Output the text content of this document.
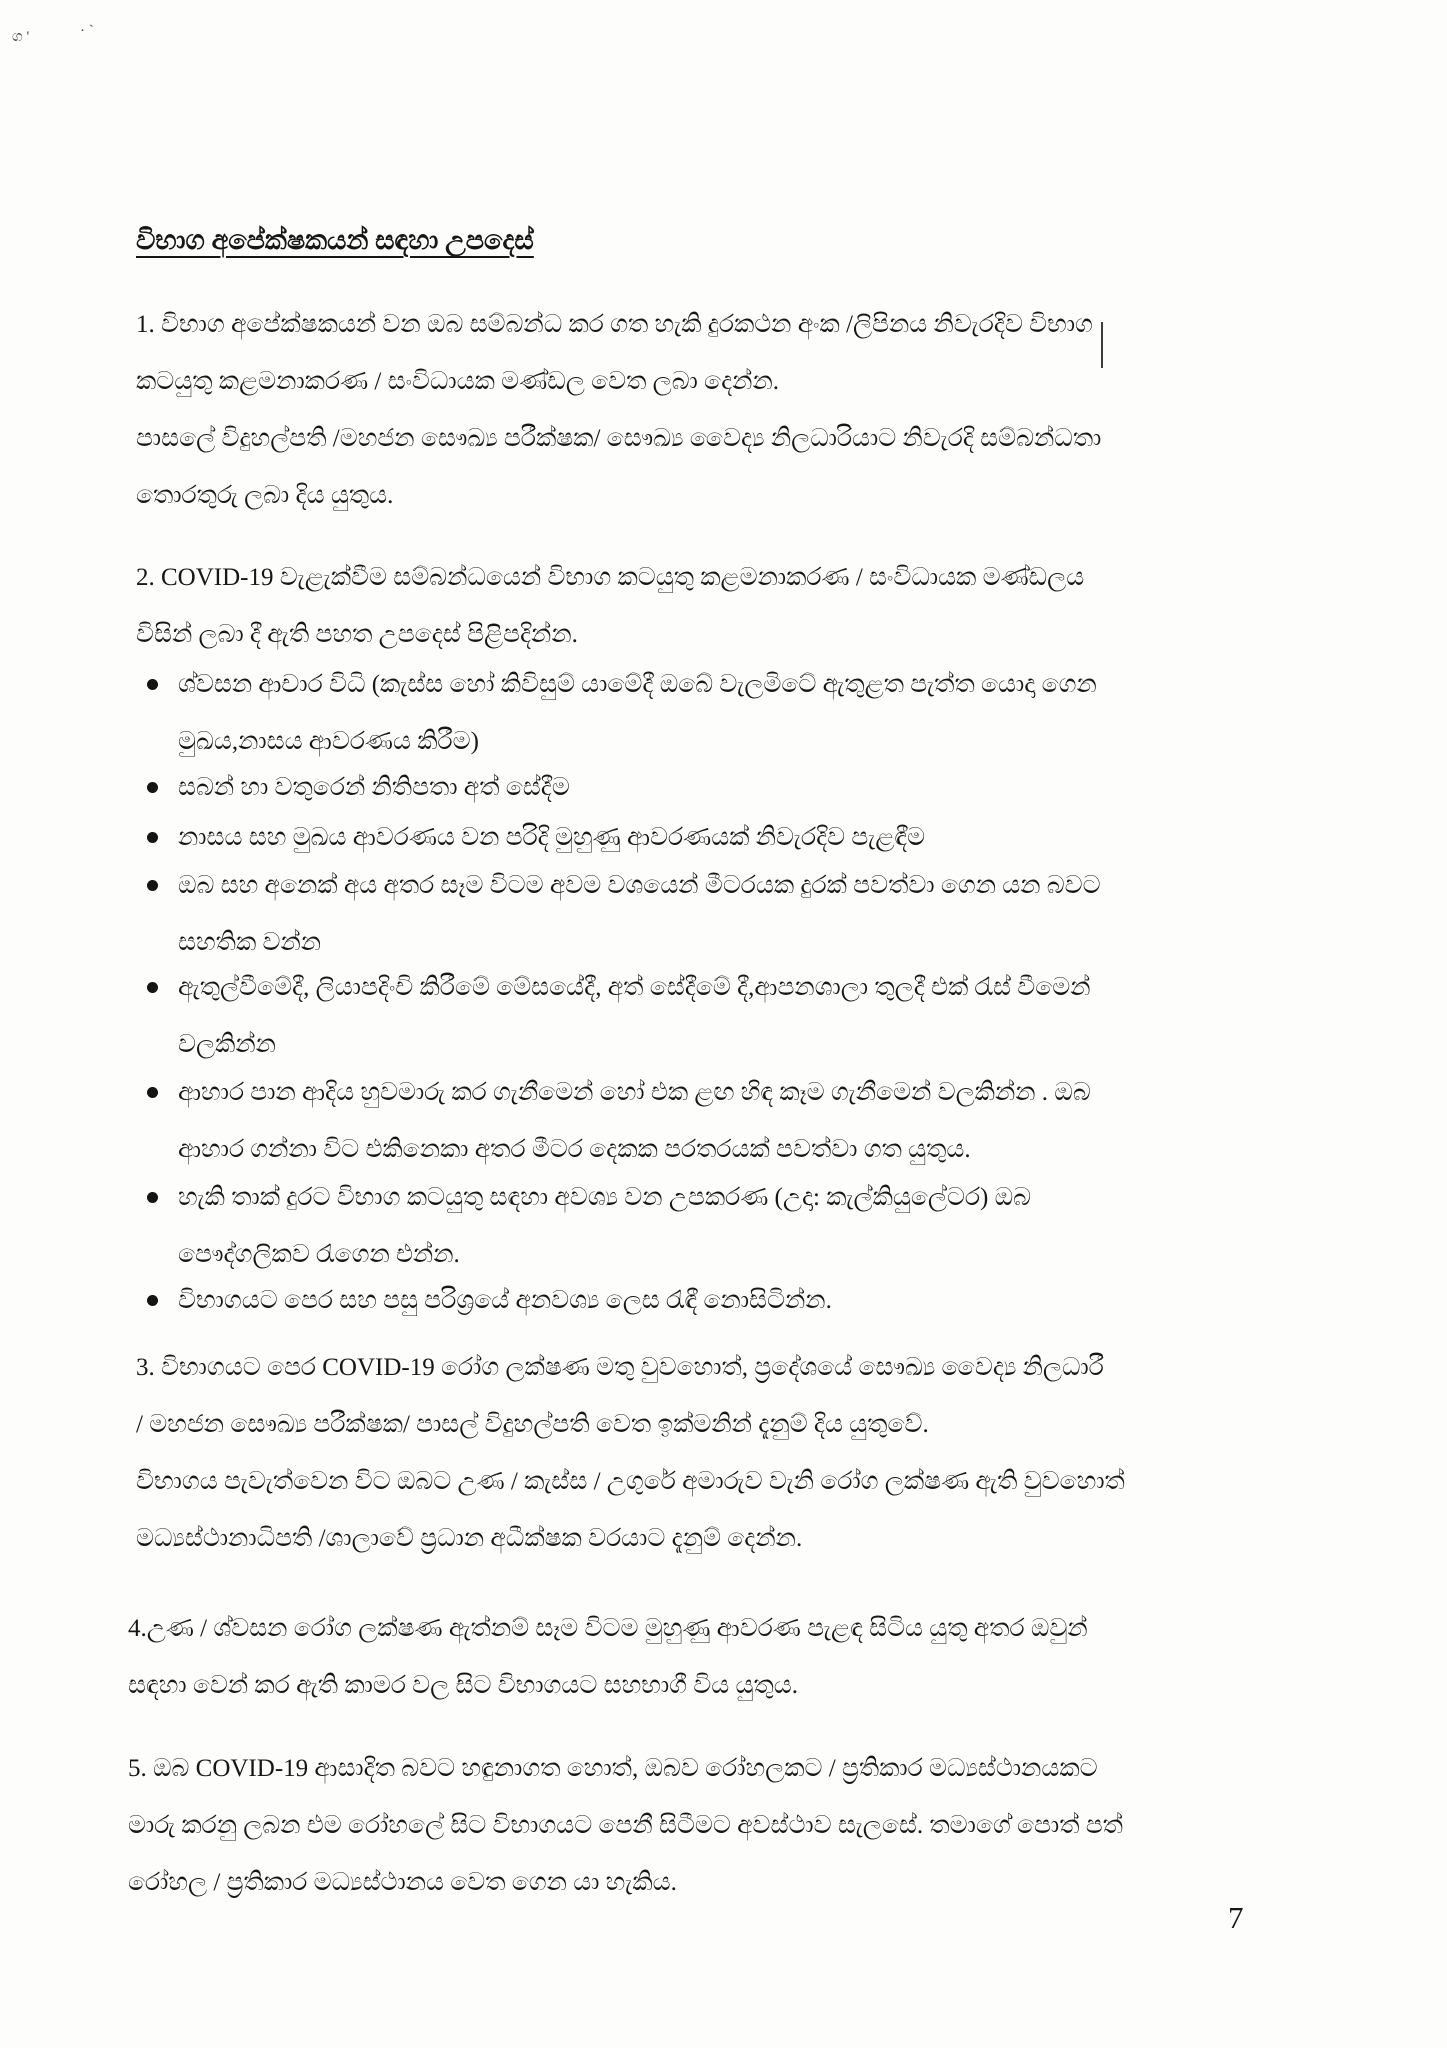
ග '	· `
විභාග අපේක්ෂකයන් සඳහා උපදෙස්
1. විභාග අපේක්ෂකයන් වන ඔබ සම්බන්ධ කර ගත හැකි දුරකථන අංක /ලිපිනය නිවැරදිව විභාග
කටයුතු කළමනාකරණ / සංවිධායක මණ්ඩල වෙත ලබා දෙන්න.
පාසලේ විදුහල්පති /මහජන සෞඛ්‍ය පරීක්ෂක/ සෞඛ්‍ය වෛද්‍ය නිලධාරියාට නිවැරදි සම්බන්ධතා
තොරතුරු ලබා දිය යුතුය.
2. COVID-19 වැළැක්වීම සම්බන්ධයෙන් විභාග කටයුතු කළමනාකරණ / සංවිධායක මණ්ඩලය
විසින් ලබා දී ඇති පහත උපදෙස් පිළිපදින්න.
ශ්වසන ආචාර විධි (කැස්ස හෝ කිවිසුම් යාමේදී ඔබේ වැලමිටේ ඇතුළත පැත්ත යොදා ගෙන
මුඛය,නාසය ආවරණය කිරීම)
සබන් හා වතුරෙන් නිතිපතා අත් සේදීම
නාසය සහ මුඛය ආවරණය වන පරිදි මුහුණු ආවරණයක් නිවැරදිව පැළඳීම
ඔබ සහ අනෙක් අය අතර සෑම විටම අවම වශයෙන් මීටරයක දුරක් පවත්වා ගෙන යන බවට
සහතික වන්න
ඇතුල්වීමේදී, ලියාපදිංචි කිරීමේ මේසයේදී, අත් සේදීමේ දී,ආපනශාලා තුලදී එක් රැස් වීමෙන්
වලකින්න
ආහාර පාන ආදිය හුවමාරු කර ගැනීමෙන් හෝ එක ළඟ හිඳ කෑම ගැනීමෙන් වලකින්න . ඔබ
ආහාර ගන්නා විට එකිනෙකා අතර මීටර දෙකක පරතරයක් පවත්වා ගත යුතුය.
හැකි තාක් දුරට විභාග කටයුතු සඳහා අවශ්‍ය වන උපකරණ (උදා: කැල්කියුලේටර) ඔබ
පෞද්ගලිකව රැගෙන එන්න.
විභාගයට පෙර සහ පසු පරිශ්‍රයේ අනවශ්‍ය ලෙස රැඳී නොසිටින්න.
3. විභාගයට පෙර COVID-19 රෝග ලක්ෂණ මතු වුවහොත්, ප්‍රදේශයේ සෞඛ්‍ය වෛද්‍ය නිලධාරී
/ මහජන සෞඛ්‍ය පරීක්ෂක/ පාසල් විදුහල්පති වෙත ඉක්මනින් දැනුම් දිය යුතුවේ.
විභාගය පැවැත්වෙන විට ඔබට උණ / කැස්ස / උගුරේ අමාරුව වැනි රෝග ලක්ෂණ ඇති වුවහොත්
මධ්‍යස්ථානාධිපති /ශාලාවේ ප්‍රධාන අධීක්ෂක වරයාට දැනුම් දෙන්න.
4.උණ / ශ්වසන රෝග ලක්ෂණ ඇත්නම් සෑම විටම මුහුණු ආවරණ පැළඳ සිටිය යුතු අතර ඔවුන්
සඳහා වෙන් කර ඇති කාමර වල සිට විභාගයට සහභාගී විය යුතුය.
5. ඔබ COVID-19 ආසාදිත බවට හඳුනාගත හොත්, ඔබව රෝහලකට / ප්‍රතිකාර මධ්‍යස්ථානයකට
මාරු කරනු ලබන එම රෝහලේ සිට විභාගයට පෙනී සිටීමට අවස්ථාව සැලසේ. තමාගේ පොත් පත්
රෝහල / ප්‍රතිකාර මධ්‍යස්ථානය වෙත ගෙන යා හැකිය.
7
